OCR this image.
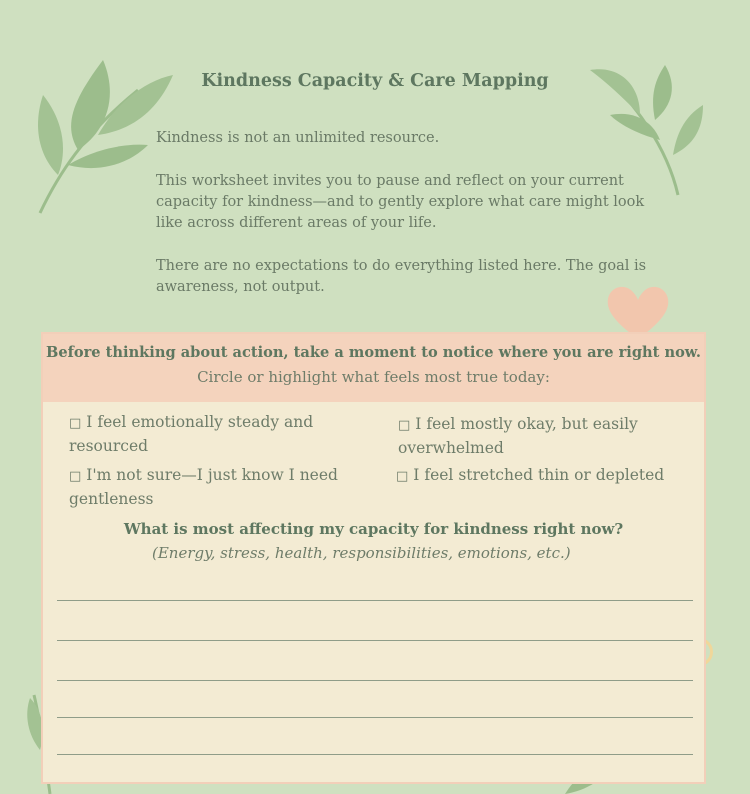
Kindness Capacity & Care Mapping

Kindness is not an unlimited resource.

This worksheet invites you to pause and reflect on your current capacity for kindness—and to gently explore what care might look like across different areas of your life.

There are no expectations to do everything listed here. The goal is awareness, not output.

Before thinking about action, take a moment to notice where you are right now.

Circle or highlight what feels most true today:

□ I feel emotionally steady and resourced

□ I feel mostly okay, but easily overwhelmed

□ I'm not sure—I just know I need gentleness

□ I feel stretched thin or depleted

What is most affecting my capacity for kindness right now?

(Energy, stress, health, responsibilities, emotions, etc.)
